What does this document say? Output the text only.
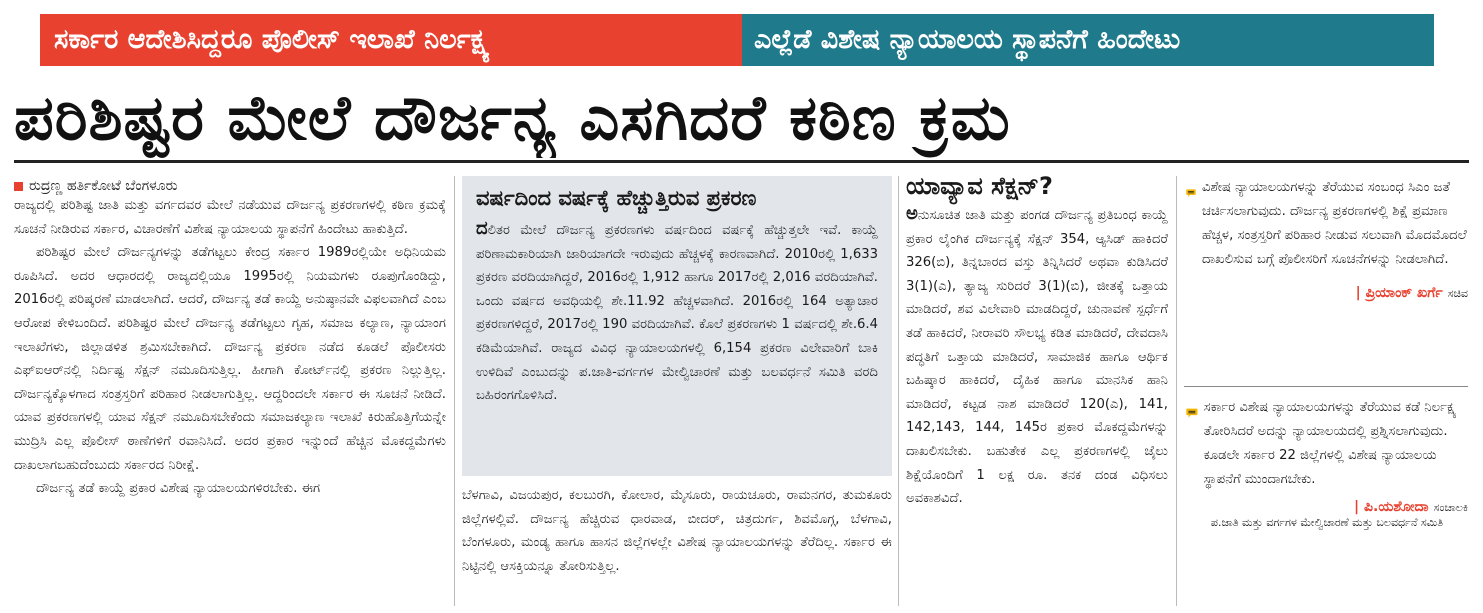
ಸರ್ಕಾರ ಆದೇಶಿಸಿದ್ದರೂ ಪೊಲೀಸ್ ಇಲಾಖೆ ನಿರ್ಲಕ್ಷ್ಯ	ಎಲ್ಲೆಡೆ ವಿಶೇಷ ನ್ಯಾಯಾಲಯ ಸ್ಥಾಪನೆಗೆ ಹಿಂದೇಟು
ಪರಿಶಿಷ್ಟರ ಮೇಲೆ ದೌರ್ಜನ್ಯ ಎಸಗಿದರೆ ಕಠಿಣ ಕ್ರಮ
ರುದ್ರಣ್ಣ ಹರ್ತಿಕೋಟೆ ಬೆಂಗಳೂರು

ರಾಜ್ಯದಲ್ಲಿ ಪರಿಶಿಷ್ಟ ಜಾತಿ ಮತ್ತು ವರ್ಗದವರ ಮೇಲೆ ನಡೆಯುವ ದೌರ್ಜನ್ಯ ಪ್ರಕರಣಗಳಲ್ಲಿ ಕಠಿಣ ಕ್ರಮಕ್ಕೆ ಸೂಚನೆ ನೀಡಿರುವ ಸರ್ಕಾರ, ವಿಚಾರಣೆಗೆ ವಿಶೇಷ ನ್ಯಾಯಾಲಯ ಸ್ಥಾಪನೆಗೆ ಹಿಂದೇಟು ಹಾಕುತ್ತಿದೆ.

ಪರಿಶಿಷ್ಟರ ಮೇಲೆ ದೌರ್ಜನ್ಯಗಳನ್ನು ತಡೆಗಟ್ಟಲು ಕೇಂದ್ರ ಸರ್ಕಾರ 1989ರಲ್ಲಿಯೇ ಅಧಿನಿಯಮ ರೂಪಿಸಿದೆ. ಅದರ ಆಧಾರದಲ್ಲಿ ರಾಜ್ಯದಲ್ಲಿಯೂ 1995ರಲ್ಲಿ ನಿಯಮಗಳು ರೂಪುಗೊಂಡಿದ್ದು, 2016ರಲ್ಲಿ ಪರಿಷ್ಕರಣೆ ಮಾಡಲಾಗಿದೆ. ಆದರೆ, ದೌರ್ಜನ್ಯ ತಡೆ ಕಾಯ್ದೆ ಅನುಷ್ಠಾನವೇ ವಿಫಲವಾಗಿದೆ ಎಂಬ ಆರೋಪ ಕೇಳಿಬಂದಿದೆ. ಪರಿಶಿಷ್ಟರ ಮೇಲೆ ದೌರ್ಜನ್ಯ ತಡೆಗಟ್ಟಲು ಗೃಹ, ಸಮಾಜ ಕಲ್ಯಾಣ, ನ್ಯಾಯಾಂಗ ಇಲಾಖೆಗಳು, ಜಿಲ್ಲಾಡಳಿತ ಶ್ರಮಿಸಬೇಕಾಗಿದೆ. ದೌರ್ಜನ್ಯ ಪ್ರಕರಣ ನಡೆದ ಕೂಡಲೆ ಪೊಲೀಸರು ಎಫ್ಐಆರ್‌ನಲ್ಲಿ ನಿರ್ದಿಷ್ಟ ಸೆಕ್ಷನ್ ನಮೂದಿಸುತ್ತಿಲ್ಲ. ಹೀಗಾಗಿ ಕೋರ್ಟ್‌ನಲ್ಲಿ ಪ್ರಕರಣ ನಿಲ್ಲುತ್ತಿಲ್ಲ. ದೌರ್ಜನ್ಯಕ್ಕೊಳಗಾದ ಸಂತ್ರಸ್ತರಿಗೆ ಪರಿಹಾರ ನೀಡಲಾಗುತ್ತಿಲ್ಲ. ಆದ್ದರಿಂದಲೇ ಸರ್ಕಾರ ಈ ಸೂಚನೆ ನೀಡಿದೆ. ಯಾವ ಪ್ರಕರಣಗಳಲ್ಲಿ ಯಾವ ಸೆಕ್ಷನ್ ನಮೂದಿಸಬೇಕೆಂದು ಸಮಾಜಕಲ್ಯಾಣ ಇಲಾಖೆ ಕಿರುಹೊತ್ತಿಗೆಯನ್ನೇ ಮುದ್ರಿಸಿ ಎಲ್ಲ ಪೊಲೀಸ್ ಠಾಣೆಗಳಿಗೆ ರವಾನಿಸಿದೆ. ಅದರ ಪ್ರಕಾರ ಇನ್ನುಂದೆ ಹೆಚ್ಚಿನ ಮೊಕದ್ದಮೆಗಳು ದಾಖಲಾಗಬಹುದೆಂಬುದು ಸರ್ಕಾರದ ನಿರೀಕ್ಷೆ.

ದೌರ್ಜನ್ಯ ತಡೆ ಕಾಯ್ದೆ ಪ್ರಕಾರ ವಿಶೇಷ ನ್ಯಾಯಾಲಯಗಳಿರಬೇಕು. ಈಗ

ವರ್ಷದಿಂದ ವರ್ಷಕ್ಕೆ ಹೆಚ್ಚುತ್ತಿರುವ ಪ್ರಕರಣ

ದಲಿತರ ಮೇಲೆ ದೌರ್ಜನ್ಯ ಪ್ರಕರಣಗಳು ವರ್ಷದಿಂದ ವರ್ಷಕ್ಕೆ ಹೆಚ್ಚುತ್ತಲೇ ಇವೆ. ಕಾಯ್ದೆ ಪರಿಣಾಮಕಾರಿಯಾಗಿ ಜಾರಿಯಾಗದೇ ಇರುವುದು ಹೆಚ್ಚಳಕ್ಕೆ ಕಾರಣವಾಗಿದೆ. 2010ರಲ್ಲಿ 1,633 ಪ್ರಕರಣ ವರದಿಯಾಗಿದ್ದರೆ, 2016ರಲ್ಲಿ 1,912 ಹಾಗೂ 2017ರಲ್ಲಿ 2,016 ವರದಿಯಾಗಿವೆ. ಒಂದು ವರ್ಷದ ಅವಧಿಯಲ್ಲಿ ಶೇ.11.92 ಹೆಚ್ಚಳವಾಗಿದೆ. 2016ರಲ್ಲಿ 164 ಅತ್ಯಾಚಾರ ಪ್ರಕರಣಗಳಿದ್ದರೆ, 2017ರಲ್ಲಿ 190 ವರದಿಯಾಗಿವೆ. ಕೊಲೆ ಪ್ರಕರಣಗಳು 1 ವರ್ಷದಲ್ಲಿ ಶೇ.6.4 ಕಡಿಮೆಯಾಗಿವೆ. ರಾಜ್ಯದ ವಿವಿಧ ನ್ಯಾಯಾಲಯಗಳಲ್ಲಿ 6,154 ಪ್ರಕರಣ ವಿಲೇವಾರಿಗೆ ಬಾಕಿ ಉಳಿದಿವೆ ಎಂಬುದನ್ನು ಪ.ಜಾತಿ-ವರ್ಗಗಳ ಮೇಲ್ವಿಚಾರಣೆ ಮತ್ತು ಬಲವರ್ಧನೆ ಸಮಿತಿ ವರದಿ ಬಹಿರಂಗಗೊಳಿಸಿದೆ.

ಬೆಳಗಾವಿ, ವಿಜಯಪುರ, ಕಲಬುರಗಿ, ಕೋಲಾರ, ಮೈಸೂರು, ರಾಯಚೂರು, ರಾಮನಗರ, ತುಮಕೂರು ಜಿಲ್ಲೆಗಳಲ್ಲಿವೆ. ದೌರ್ಜನ್ಯ ಹೆಚ್ಚಿರುವ ಧಾರವಾಡ, ಬೀದರ್, ಚಿತ್ರದುರ್ಗ, ಶಿವಮೊಗ್ಗ, ಬೆಳಗಾವಿ, ಬೆಂಗಳೂರು, ಮಂಡ್ಯ ಹಾಗೂ ಹಾಸನ ಜಿಲ್ಲೆಗಳಲ್ಲೇ ವಿಶೇಷ ನ್ಯಾಯಾಲಯಗಳನ್ನು ತೆರೆದಿಲ್ಲ. ಸರ್ಕಾರ ಈ ನಿಟ್ಟಿನಲ್ಲಿ ಆಸಕ್ತಿಯನ್ನೂ ತೋರಿಸುತ್ತಿಲ್ಲ.
ಯಾವ್ಯಾವ ಸೆಕ್ಷನ್?
ಅನುಸೂಚಿತ ಜಾತಿ ಮತ್ತು ಪಂಗಡ ದೌರ್ಜನ್ಯ ಪ್ರತಿಬಂಧ ಕಾಯ್ದೆ ಪ್ರಕಾರ ಲೈಂಗಿಕ ದೌರ್ಜನ್ಯಕ್ಕೆ ಸೆಕ್ಷನ್ 354, ಆ್ಯಸಿಡ್ ಹಾಕಿದರೆ 326(ಬಿ), ತಿನ್ನಬಾರದ ವಸ್ತು ತಿನ್ನಿಸಿದರೆ ಅಥವಾ ಕುಡಿಸಿದರೆ 3(1)(ಎ), ತ್ಯಾಜ್ಯ ಸುರಿದರೆ 3(1)(ಬಿ), ಜೀತಕ್ಕೆ ಒತ್ತಾಯ ಮಾಡಿದರೆ, ಶವ ವಿಲೇವಾರಿ ಮಾಡದಿದ್ದರೆ, ಚುನಾವಣೆ ಸ್ಪರ್ಧೆಗೆ ತಡೆ ಹಾಕಿದರೆ, ನೀರಾವರಿ ಸೌಲಭ್ಯ ಕಡಿತ ಮಾಡಿದರೆ, ದೇವದಾಸಿ ಪದ್ಧತಿಗೆ ಒತ್ತಾಯ ಮಾಡಿದರೆ, ಸಾಮಾಜಿಕ ಹಾಗೂ ಆರ್ಥಿಕ ಬಹಿಷ್ಕಾರ ಹಾಕಿದರೆ, ದೈಹಿಕ ಹಾಗೂ ಮಾನಸಿಕ ಹಾನಿ ಮಾಡಿದರೆ, ಕಟ್ಟಡ ನಾಶ ಮಾಡಿದರೆ 120(ಎ), 141, 142,143, 144, 145ರ ಪ್ರಕಾರ ಮೊಕದ್ದಮೆಗಳನ್ನು ದಾಖಲಿಸಬೇಕು. ಬಹುತೇಕ ಎಲ್ಲ ಪ್ರಕರಣಗಳಲ್ಲಿ ಜೈಲು ಶಿಕ್ಷೆಯೊಂದಿಗೆ 1 ಲಕ್ಷ ರೂ. ತನಕ ದಂಡ ವಿಧಿಸಲು ಅವಕಾಶವಿದೆ.
ವಿಶೇಷ ನ್ಯಾಯಾಲಯಗಳನ್ನು ತೆರೆಯುವ ಸಂಬಂಧ ಸಿಎಂ ಜತೆ ಚರ್ಚಿಸಲಾಗುವುದು. ದೌರ್ಜನ್ಯ ಪ್ರಕರಣಗಳಲ್ಲಿ ಶಿಕ್ಷೆ ಪ್ರಮಾಣ ಹೆಚ್ಚಳ, ಸಂತ್ರಸ್ತರಿಗೆ ಪರಿಹಾರ ನೀಡುವ ಸಲುವಾಗಿ ಮೊದಮೊದಲೆ ದಾಖಲಿಸುವ ಬಗ್ಗೆ ಪೊಲೀಸರಿಗೆ ಸೂಚನೆಗಳನ್ನು ನೀಡಲಾಗಿದೆ.
| ಪ್ರಿಯಾಂಕ್ ಖರ್ಗೆ ಸಚಿವ
ಸರ್ಕಾರ ವಿಶೇಷ ನ್ಯಾಯಾಲಯಗಳನ್ನು ತೆರೆಯುವ ಕಡೆ ನಿರ್ಲಕ್ಷ್ಯ ತೋರಿಸಿದರೆ ಅದನ್ನು ನ್ಯಾಯಾಲಯದಲ್ಲಿ ಪ್ರಶ್ನಿಸಲಾಗುವುದು. ಕೂಡಲೇ ಸರ್ಕಾರ 22 ಜಿಲ್ಲೆಗಳಲ್ಲಿ ವಿಶೇಷ ನ್ಯಾಯಾಲಯ ಸ್ಥಾಪನೆಗೆ ಮುಂದಾಗಬೇಕು.
| ಪಿ.ಯಶೋದಾ ಸಂಚಾಲಕಿ
ಪ.ಜಾತಿ ಮತ್ತು ವರ್ಗಗಳ ಮೇಲ್ವಿಚಾರಣೆ ಮತ್ತು ಬಲವರ್ಧನೆ ಸಮಿತಿ
